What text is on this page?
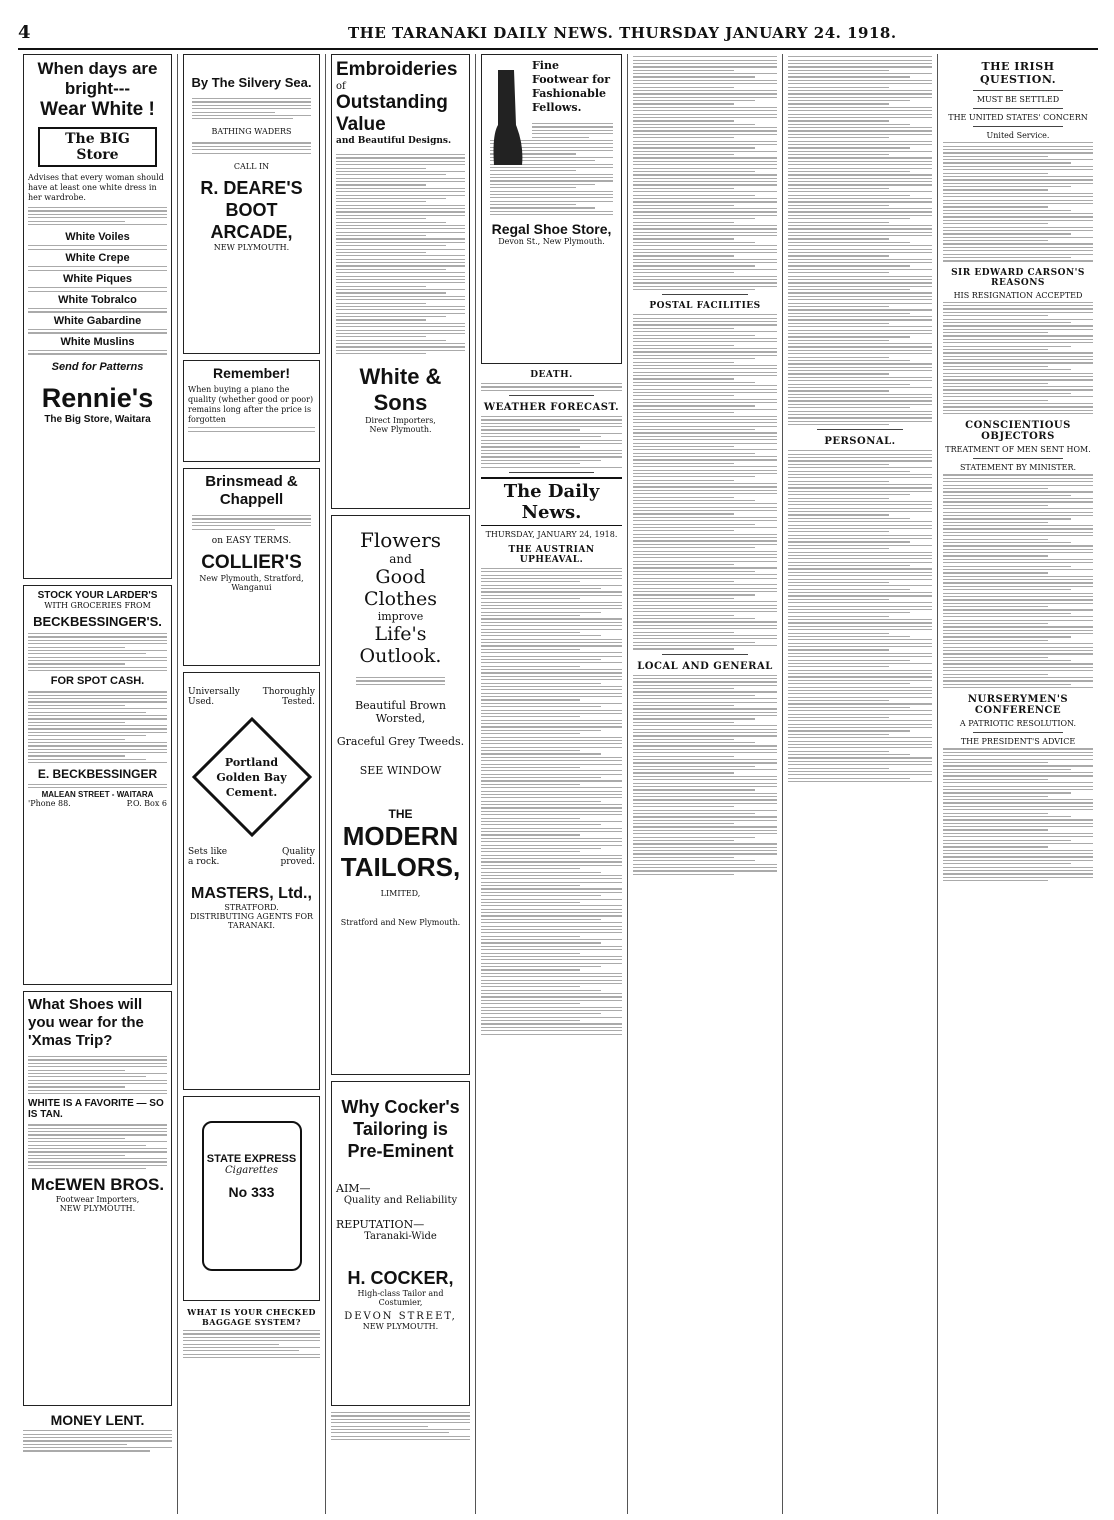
4	THE TARANAKI DAILY NEWS. THURSDAY JANUARY 24. 1918.
When days are
bright---
Wear White !
The BIG Store
Advises that every woman should have at least one white dress in her wardrobe.
White Voiles
White Crepe
White Piques
White Tobralco
White Gabardine
White Muslins
Send for Patterns
Rennie's
The Big Store, Waitara
STOCK YOUR LARDER'S
WITH GROCERIES FROM
BECKBESSINGER'S.
FOR SPOT CASH.
E. BECKBESSINGER
MALEAN STREET - WAITARA
'Phone 88.	P.O. Box 6
What Shoes will you wear for the 'Xmas Trip?
WHITE IS A FAVORITE — SO IS TAN.
McEWEN BROS.
Footwear Importers,
NEW PLYMOUTH.
MONEY LENT.
By The Silvery Sea.
BATHING WADERS
CALL IN
R. DEARE'S BOOT ARCADE,
NEW PLYMOUTH.
Remember!
When buying a piano the quality (whether good or poor) remains long after the price is forgotten
Brinsmead & Chappell
on EASY TERMS.
COLLIER'S
New Plymouth, Stratford, Wanganui
Universally	Thoroughly
Used.	Tested.
Portland
Golden Bay
Cement.
Sets like	Quality
a rock.	proved.
MASTERS, Ltd.,
STRATFORD.
DISTRIBUTING AGENTS FOR TARANAKI.
STATE EXPRESS
Cigarettes
No 333
WHAT IS YOUR CHECKED BAGGAGE SYSTEM?
Embroideries
of
Outstanding
Value
and Beautiful Designs.
White & Sons
Direct Importers,
New Plymouth.
Flowers
and
Good Clothes
improve
Life's Outlook.
Beautiful Brown Worsted,
Graceful Grey Tweeds.
SEE WINDOW
THE
MODERN
TAILORS,
LIMITED,
Stratford and New Plymouth.
Why Cocker's Tailoring is Pre-Eminent
AIM—
Quality and Reliability
REPUTATION—
Taranaki-Wide
H. COCKER,
High-class Tailor and Costumier,
DEVON STREET,
NEW PLYMOUTH.
Fine Footwear for Fashionable Fellows.
Regal Shoe Store,
Devon St., New Plymouth.
DEATH.
WEATHER FORECAST.
The Daily News.
THURSDAY, JANUARY 24, 1918.
THE AUSTRIAN UPHEAVAL.
POSTAL FACILITIES
LOCAL AND GENERAL
PERSONAL.
THE IRISH QUESTION.
MUST BE SETTLED
THE UNITED STATES' CONCERN
United Service.
SIR EDWARD CARSON'S REASONS
HIS RESIGNATION ACCEPTED
CONSCIENTIOUS OBJECTORS
TREATMENT OF MEN SENT HOM.
STATEMENT BY MINISTER.
NURSERYMEN'S CONFERENCE
A PATRIOTIC RESOLUTION.
THE PRESIDENT'S ADVICE
